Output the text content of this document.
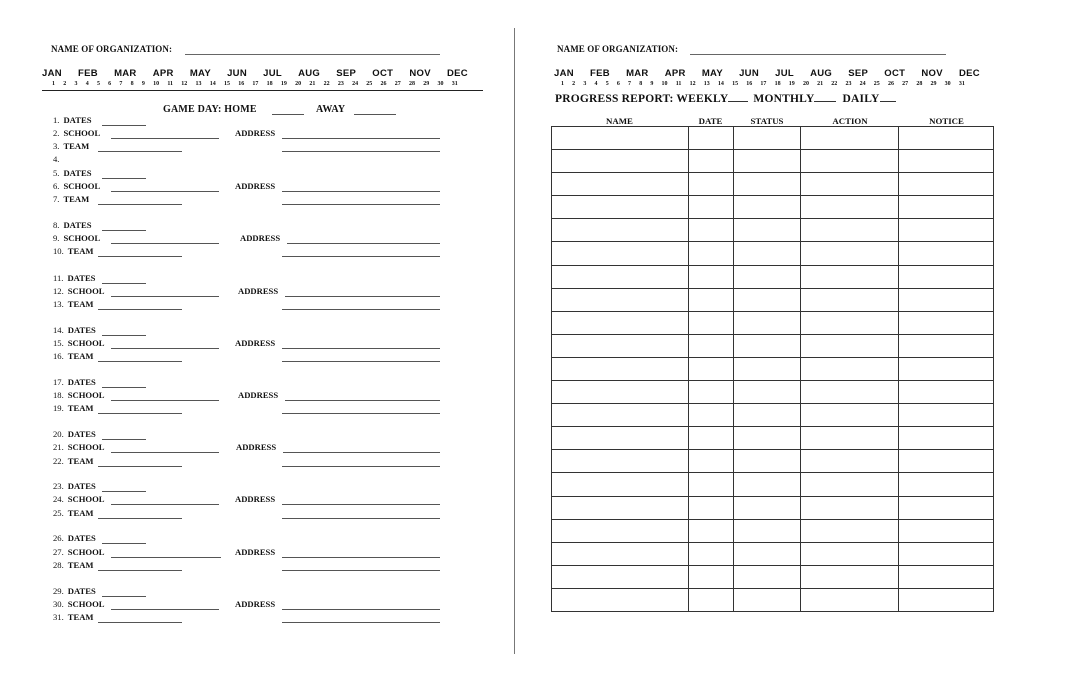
NAME OF ORGANIZATION:
JAN FEB MAR APR MAY JUN JUL AUG SEP OCT NOV DEC
1 2 3 4 5 6 7 8 9 10 11 12 13 14 15 16 17 18 19 20 21 22 23 24 25 26 27 28 29 30 31
GAME DAY: HOME	AWAY
1. DATES
2. SCHOOL	ADDRESS
3. TEAM
4.
5. DATES
6. SCHOOL	ADDRESS
7. TEAM
8. DATES
9. SCHOOL	ADDRESS
10. TEAM
11. DATES
12. SCHOOL	ADDRESS
13. TEAM
14. DATES
15. SCHOOL	ADDRESS
16. TEAM
17. DATES
18. SCHOOL	ADDRESS
19. TEAM
20. DATES
21. SCHOOL	ADDRESS
22. TEAM
23. DATES
24. SCHOOL	ADDRESS
25. TEAM
26. DATES
27. SCHOOL	ADDRESS
28. TEAM
29. DATES
30. SCHOOL	ADDRESS
31. TEAM
NAME OF ORGANIZATION:
JAN FEB MAR APR MAY JUN JUL AUG SEP OCT NOV DEC
1 2 3 4 5 6 7 8 9 10 11 12 13 14 15 16 17 18 19 20 21 22 23 24 25 26 27 28 29 30 31
PROGRESS REPORT: WEEKLY MONTHLY DAILY
NAME	DATE	STATUS	ACTION	NOTICE
